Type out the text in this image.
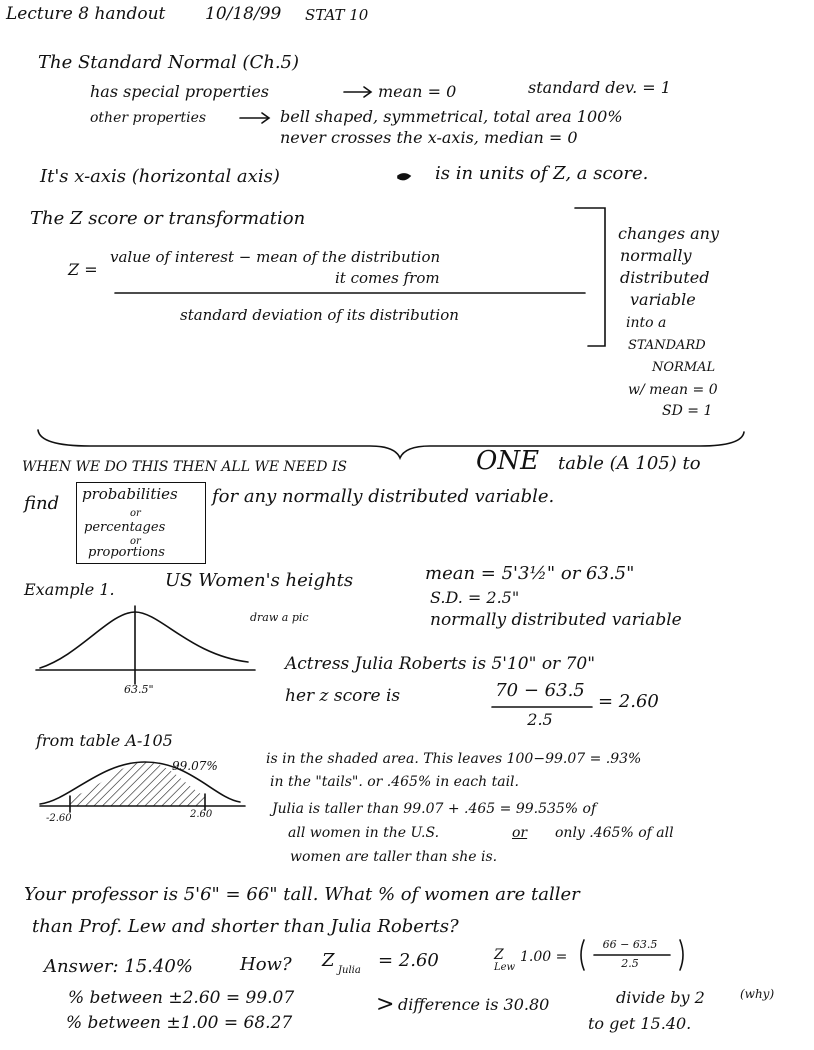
Lecture 8 handout 10/18/99 STAT 10
The Standard Normal (Ch.5)
has special properties	mean = 0	standard dev. = 1
other properties	bell shaped, symmetrical, total area 100%
never crosses the x-axis, median = 0
It's x-axis (horizontal axis)	is in units of Z, a score.
The Z score or transformation
Z =
value of interest − mean of the distribution
it comes from
standard deviation of its distribution
changes any
normally
distributed
variable
into a
STANDARD
NORMAL
w/ mean = 0
SD = 1
WHEN WE DO THIS THEN ALL WE NEED IS	ONE table (A 105) to
find probabilities
or
percentages
or
proportions
for any normally distributed variable.
Example 1.	US Women's heights	mean = 5'3½" or 63.5"
S.D. = 2.5"
normally distributed variable
draw a pic
63.5"
Actress Julia Roberts is 5'10" or 70"
her z score is	70 − 63.5
2.5
= 2.60
from table A-105
99.07%
-2.60	2.60
is in the shaded area. This leaves 100−99.07 = .93%
in the "tails". or .465% in each tail.
Julia is taller than 99.07 + .465 = 99.535% of
all women in the U.S.	or only .465% of all
women are taller than she is.
Your professor is 5'6" = 66" tall. What % of women are taller
than Prof. Lew and shorter than Julia Roberts?
Answer: 15.40%	How? Z Julia = 2.60	Z
Lew
1.00 =
66 − 63.5
2.5
% between ±2.60 = 99.07
% between ±1.00 = 68.27
> difference is 30.80	divide by 2	(why)
to get 15.40.
